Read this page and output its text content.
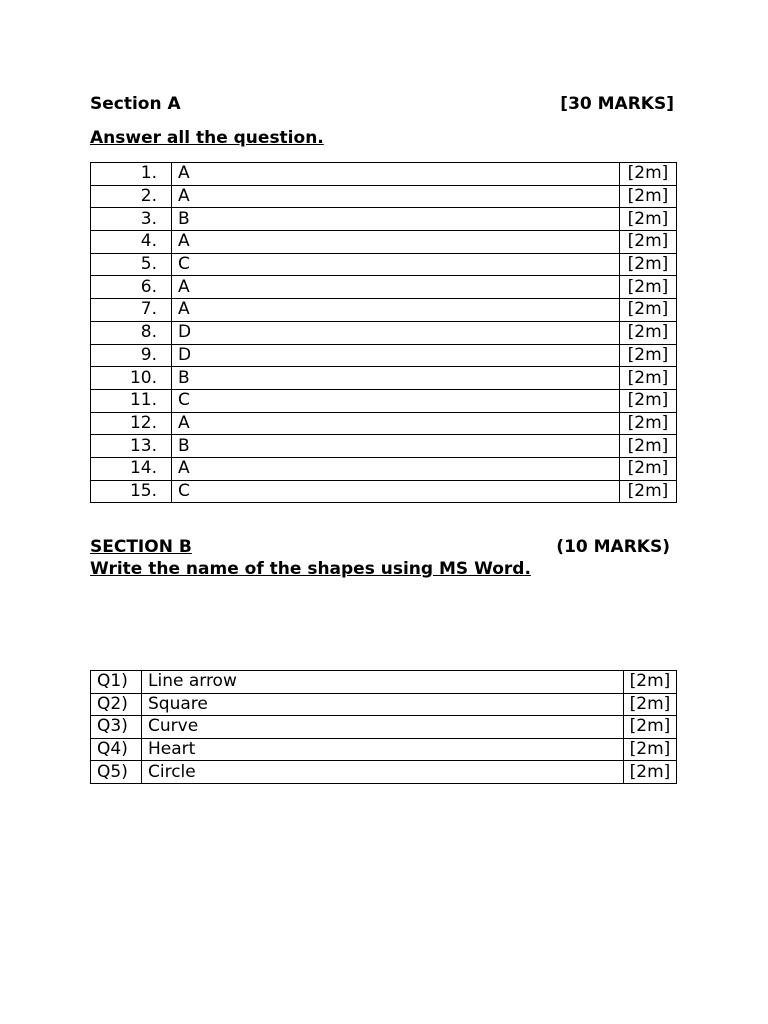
Section A	[30 MARKS]
Answer all the question.
1.	A	[2m]
2.	A	[2m]
3.	B	[2m]
4.	A	[2m]
5.	C	[2m]
6.	A	[2m]
7.	A	[2m]
8.	D	[2m]
9.	D	[2m]
10.	B	[2m]
11.	C	[2m]
12.	A	[2m]
13.	B	[2m]
14.	A	[2m]
15.	C	[2m]
SECTION B	(10 MARKS)
Write the name of the shapes using MS Word.
Q1)	Line arrow	[2m]
Q2)	Square	[2m]
Q3)	Curve	[2m]
Q4)	Heart	[2m]
Q5)	Circle	[2m]
